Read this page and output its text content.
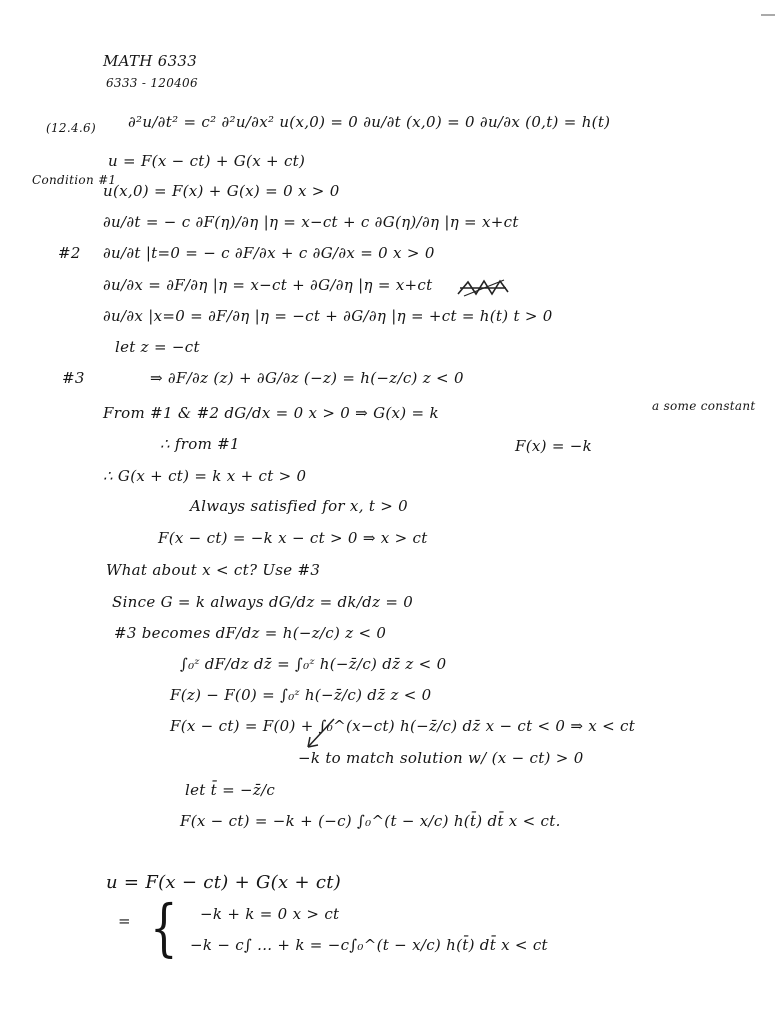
MATH 6333
6333 - 120406
(12.4.6) ∂²u/∂t² = c² ∂²u/∂x² u(x,0) = 0 ∂u/∂t (x,0) = 0 ∂u/∂x (0,t) = h(t)
u = F(x − ct) + G(x + ct)
Condition #1
u(x,0) = F(x) + G(x) = 0 x > 0
∂u/∂t = − c ∂F(η)/∂η |η = x−ct + c ∂G(η)/∂η |η = x+ct
#2 ∂u/∂t |t=0 = − c ∂F/∂x + c ∂G/∂x = 0 x > 0
∂u/∂x = ∂F/∂η |η = x−ct + ∂G/∂η |η = x+ct
∂u/∂x |x=0 = ∂F/∂η |η = −ct + ∂G/∂η |η = +ct = h(t) t > 0
let z = −ct
#3	⇒ ∂F/∂z (z) + ∂G/∂z (−z) = h(−z/c) z < 0
From #1 & #2 dG/dx = 0 x > 0 ⇒ G(x) = k	a some constant
∴ from #1	F(x) = −k
∴ G(x + ct) = k x + ct > 0
Always satisfied for x, t > 0
F(x − ct) = −k x − ct > 0 ⇒ x > ct
What about x < ct? Use #3
Since G = k always dG/dz = dk/dz = 0
#3 becomes dF/dz = h(−z/c) z < 0
∫₀ᶻ dF/dz dz̄ = ∫₀ᶻ h(−z̄/c) dz̄ z < 0
F(z) − F(0) = ∫₀ᶻ h(−z̄/c) dz̄ z < 0
F(x − ct) = F(0) + ∫₀^(x−ct) h(−z̄/c) dz̄ x − ct < 0 ⇒ x < ct
−k to match solution w/ (x − ct) > 0
let t̄ = −z̄/c
F(x − ct) = −k + (−c) ∫₀^(t − x/c) h(t̄) dt̄ x < ct.
u = F(x − ct) + G(x + ct)
= { −k + k = 0 x > ct
−k − c∫ ... + k = −c∫₀^(t − x/c) h(t̄) dt̄ x < ct
